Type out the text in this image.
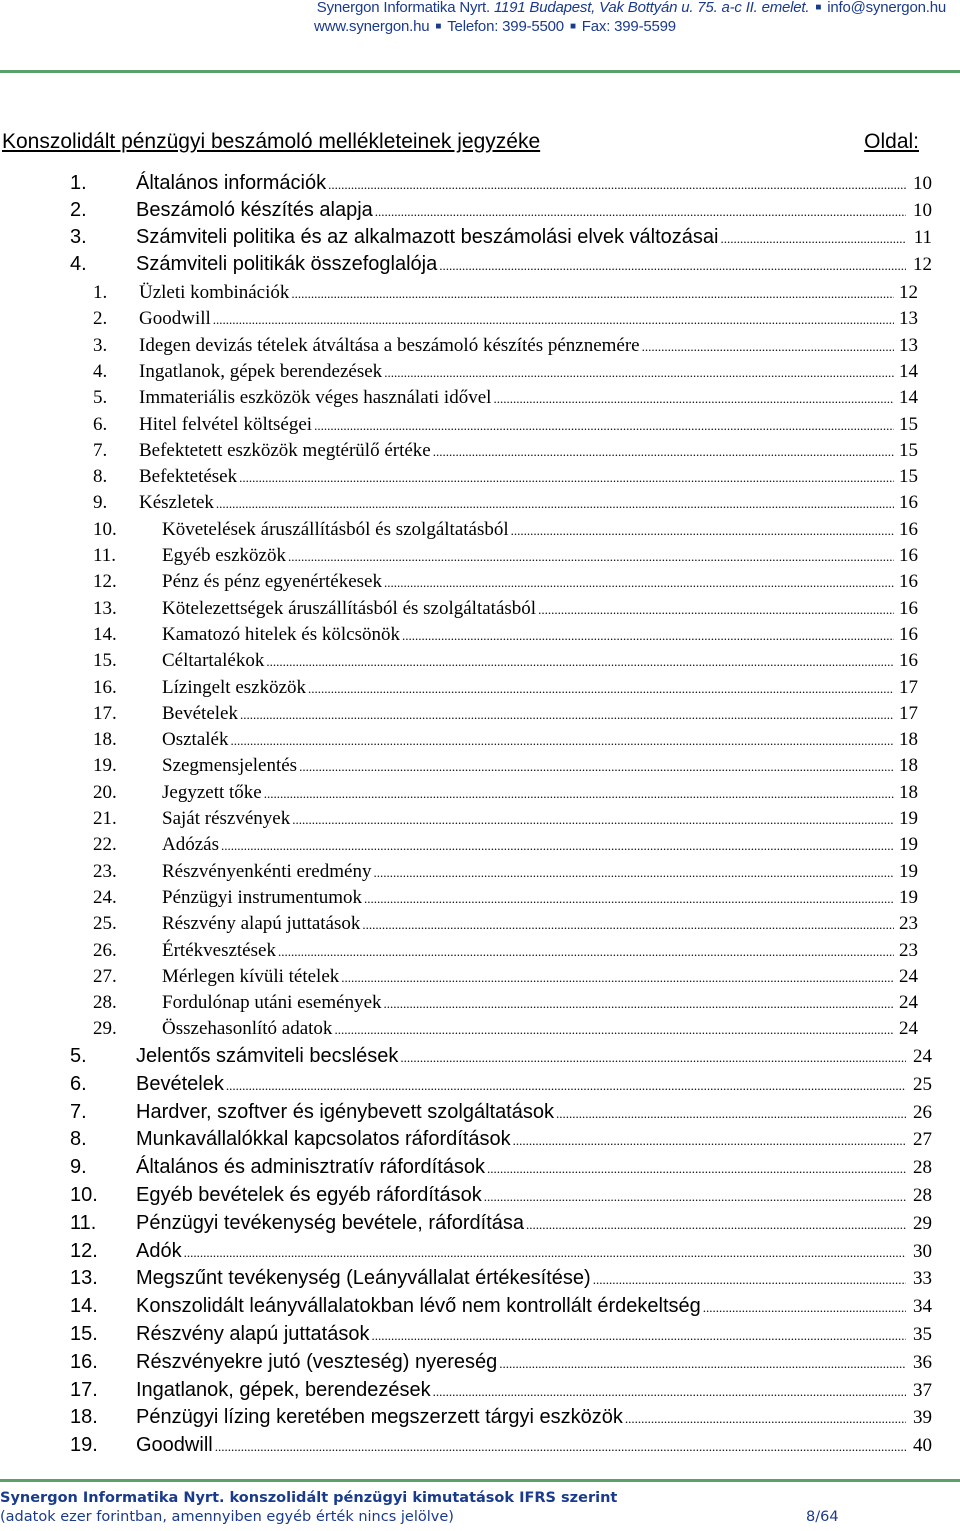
Synergon Informatika Nyrt. 1191 Budapest, Vak Bottyán u. 75. a-c II. emelet. ■ info@synergon.hu
www.synergon.hu ■ Telefon: 399-5500 ■ Fax: 399-5599
Konszolidált pénzügyi beszámoló mellékleteinek jegyzéke	Oldal:
1.	Általános információk .....	10
2.	Beszámoló készítés alapja .....	10
3.	Számviteli politika és az alkalmazott beszámolási elvek változásai .....	11
4.	Számviteli politikák összefoglalója .....	12
1.	Üzleti kombinációk .....	12
2.	Goodwill .....	13
3.	Idegen devizás tételek átváltása a beszámoló készítés pénznemére .....	13
4.	Ingatlanok, gépek berendezések .....	14
5.	Immateriális eszközök véges használati idővel .....	14
6.	Hitel felvétel költségei .....	15
7.	Befektetett eszközök megtérülő értéke .....	15
8.	Befektetések .....	15
9.	Készletek .....	16
10.	Követelések áruszállításból és szolgáltatásból .....	16
11.	Egyéb eszközök .....	16
12.	Pénz és pénz egyenértékesek .....	16
13.	Kötelezettségek áruszállításból és szolgáltatásból .....	16
14.	Kamatozó hitelek és kölcsönök .....	16
15.	Céltartalékok .....	16
16.	Lízingelt eszközök .....	17
17.	Bevételek .....	17
18.	Osztalék .....	18
19.	Szegmensjelentés .....	18
20.	Jegyzett tőke .....	18
21.	Saját részvények .....	19
22.	Adózás .....	19
23.	Részvényenkénti eredmény .....	19
24.	Pénzügyi instrumentumok .....	19
25.	Részvény alapú juttatások .....	23
26.	Értékvesztések .....	23
27.	Mérlegen kívüli tételek .....	24
28.	Fordulónap utáni események .....	24
29.	Összehasonlító adatok .....	24
5.	Jelentős számviteli becslések .....	24
6.	Bevételek .....	25
7.	Hardver, szoftver és igénybevett szolgáltatások .....	26
8.	Munkavállalókkal kapcsolatos ráfordítások .....	27
9.	Általános és adminisztratív ráfordítások .....	28
10.	Egyéb bevételek és egyéb ráfordítások .....	28
11.	Pénzügyi tevékenység bevétele, ráfordítása .....	29
12.	Adók .....	30
13.	Megszűnt tevékenység (Leányvállalat értékesítése) .....	33
14.	Konszolidált leányvállalatokban lévő nem kontrollált érdekeltség .....	34
15.	Részvény alapú juttatások .....	35
16.	Részvényekre jutó (veszteség) nyereség .....	36
17.	Ingatlanok, gépek, berendezések .....	37
18.	Pénzügyi lízing keretében megszerzett tárgyi eszközök .....	39
19.	Goodwill .....	40
Synergon Informatika Nyrt. konszolidált pénzügyi kimutatások IFRS szerint
(adatok ezer forintban, amennyiben egyéb érték nincs jelölve)	8/64
